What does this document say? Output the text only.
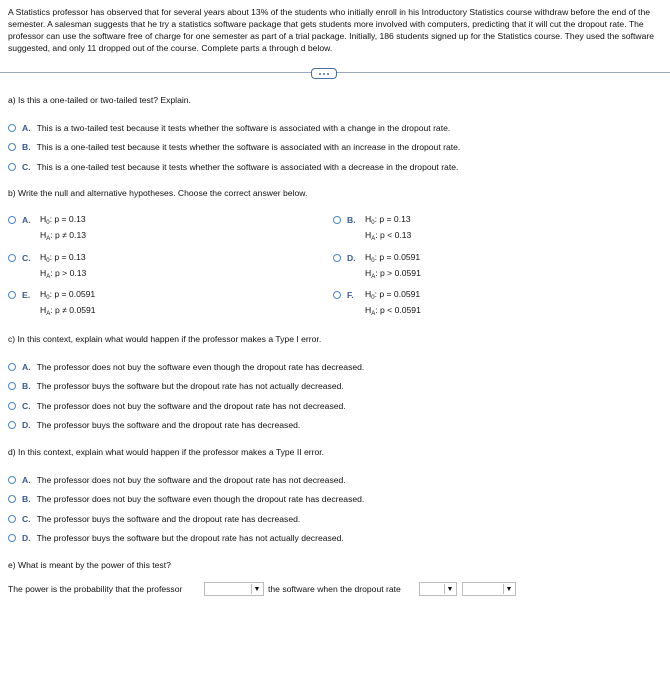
A Statistics professor has observed that for several years about 13% of the students who initially enroll in his Introductory Statistics course withdraw before the end of the semester. A salesman suggests that he try a statistics software package that gets students more involved with computers, predicting that it will cut the dropout rate. The professor can use the software free of charge for one semester as part of a trial package. Initially, 186 students signed up for the Statistics course. They used the software suggested, and only 11 dropped out of the course. Complete parts a through d below.
a) Is this a one-tailed or two-tailed test? Explain.
A. This is a two-tailed test because it tests whether the software is associated with a change in the dropout rate.
B. This is a one-tailed test because it tests whether the software is associated with an increase in the dropout rate.
C. This is a one-tailed test because it tests whether the software is associated with a decrease in the dropout rate.
b) Write the null and alternative hypotheses. Choose the correct answer below.
A. $H_0$ : p = 0.13
$H_A$ : p ≠ 0.13
B. $H_0$ : p = 0.13
$H_A$ : p < 0.13
C. $H_0$ : p = 0.13
$H_A$ : p > 0.13
D. $H_0$ : p = 0.0591
$H_A$ : p > 0.0591
E. $H_0$ : p = 0.0591
$H_A$ : p ≠ 0.0591
F. $H_0$ : p = 0.0591
$H_A$ : p < 0.0591
c) In this context, explain what would happen if the professor makes a Type I error.
A. The professor does not buy the software even though the dropout rate has decreased.
B. The professor buys the software but the dropout rate has not actually decreased.
C. The professor does not buy the software and the dropout rate has not decreased.
D. The professor buys the software and the dropout rate has decreased.
d) In this context, explain what would happen if the professor makes a Type II error.
A. The professor does not buy the software and the dropout rate has not decreased.
B. The professor does not buy the software even though the dropout rate has decreased.
C. The professor buys the software and the dropout rate has decreased.
D. The professor buys the software but the dropout rate has not actually decreased.
e) What is meant by the power of this test?
The power is the probability that the professor	▼ the software when the dropout rate	▼	▼
